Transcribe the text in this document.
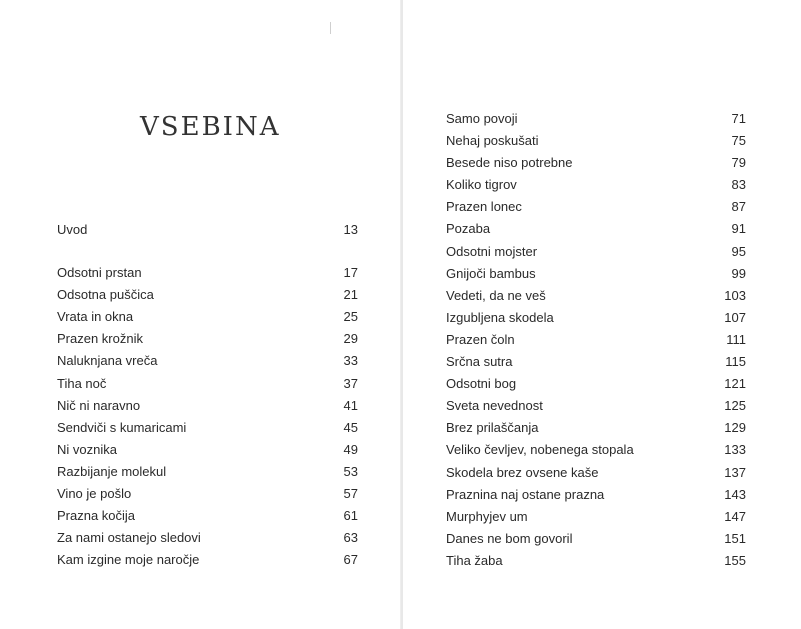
VSEBINA
Uvod	13
Odsotni prstan	17
Odsotna puščica	21
Vrata in okna	25
Prazen krožnik	29
Naluknjana vreča	33
Tiha noč	37
Nič ni naravno	41
Sendviči s kumaricami	45
Ni voznika	49
Razbijanje molekul	53
Vino je pošlo	57
Prazna kočija	61
Za nami ostanejo sledovi	63
Kam izgine moje naročje	67
Samo povoji	71
Nehaj poskušati	75
Besede niso potrebne	79
Koliko tigrov	83
Prazen lonec	87
Pozaba	91
Odsotni mojster	95
Gnijoči bambus	99
Vedeti, da ne veš	103
Izgubljena skodela	107
Prazen čoln	111
Srčna sutra	115
Odsotni bog	121
Sveta nevednost	125
Brez prilaščanja	129
Veliko čevljev, nobenega stopala	133
Skodela brez ovsene kaše	137
Praznina naj ostane prazna	143
Murphyjev um	147
Danes ne bom govoril	151
Tiha žaba	155
